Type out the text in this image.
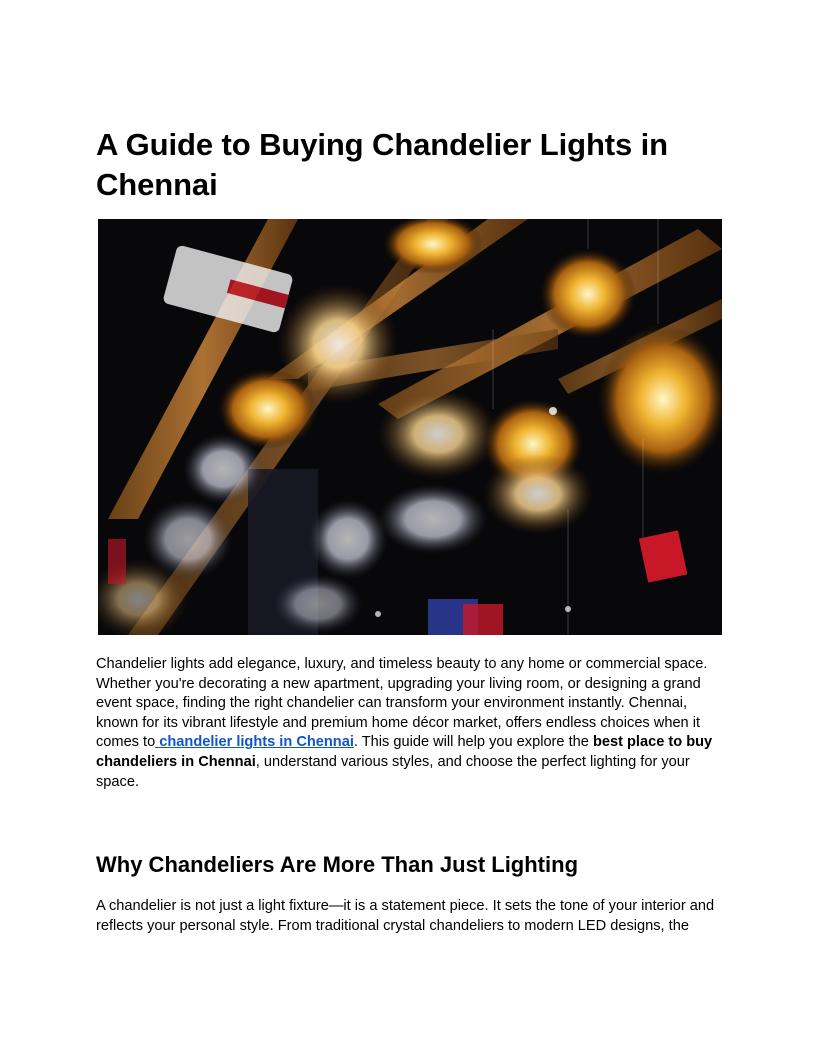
A Guide to Buying Chandelier Lights in Chennai

Chandelier lights add elegance, luxury, and timeless beauty to any home or commercial space. Whether you're decorating a new apartment, upgrading your living room, or designing a grand event space, finding the right chandelier can transform your environment instantly. Chennai, known for its vibrant lifestyle and premium home décor market, offers endless choices when it comes to chandelier lights in Chennai. This guide will help you explore the best place to buy chandeliers in Chennai, understand various styles, and choose the perfect lighting for your space.

Why Chandeliers Are More Than Just Lighting

A chandelier is not just a light fixture—it is a statement piece. It sets the tone of your interior and reflects your personal style. From traditional crystal chandeliers to modern LED designs, the
